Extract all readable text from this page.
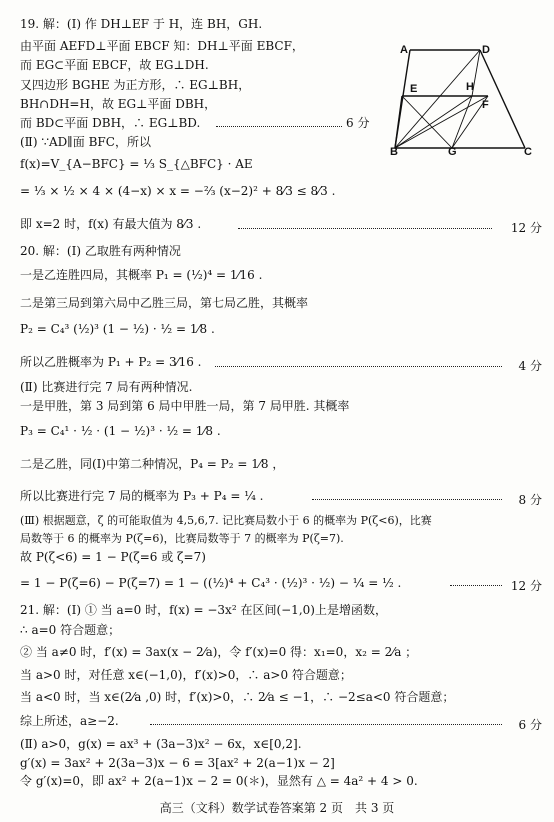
19. 解：(Ⅰ) 作 DH⊥EF 于 H，连 BH，GH.
由平面 AEFD⊥平面 EBCF 知：DH⊥平面 EBCF，
而 EG⊂平面 EBCF，故 EG⊥DH.
又四边形 BGHE 为正方形，∴ EG⊥BH，
BH∩DH=H，故 EG⊥平面 DBH，
而 BD⊂平面 DBH，∴ EG⊥BD.	6 分
(Ⅱ) ∵AD∥面 BFC，所以
f(x)=V_{A−BFC} = ⅓ S_{△BFC} · AE
= ⅓ × ½ × 4 × (4−x) × x = −⅔ (x−2)² + 8⁄3 ≤ 8⁄3 .
即 x=2 时，f(x) 有最大值为 8⁄3 .	12 分
A	D
E	H
F
B	G	C
20. 解：(Ⅰ) 乙取胜有两种情况
一是乙连胜四局，其概率 P₁ = (½)⁴ = 1⁄16 .
二是第三局到第六局中乙胜三局，第七局乙胜，其概率
P₂ = C₄³ (½)³ (1 − ½) · ½ = 1⁄8 .
所以乙胜概率为 P₁ + P₂ = 3⁄16 .	4 分
(Ⅱ) 比赛进行完 7 局有两种情况.
一是甲胜，第 3 局到第 6 局中甲胜一局，第 7 局甲胜. 其概率
P₃ = C₄¹ · ½ · (1 − ½)³ · ½ = 1⁄8 .
二是乙胜，同(Ⅰ)中第二种情况，P₄ = P₂ = 1⁄8 ，
所以比赛进行完 7 局的概率为 P₃ + P₄ = ¼ .	8 分
(Ⅲ) 根据题意，ζ 的可能取值为 4,5,6,7. 记比赛局数小于 6 的概率为 P(ζ<6)，比赛
局数等于 6 的概率为 P(ζ=6)，比赛局数等于 7 的概率为 P(ζ=7).
故 P(ζ<6) = 1 − P(ζ=6 或 ζ=7)
= 1 − P(ζ=6) − P(ζ=7) = 1 − ((½)⁴ + C₄³ · (½)³ · ½) − ¼ = ½ .	12 分
21. 解：(Ⅰ) ① 当 a=0 时，f(x) = −3x² 在区间(−1,0)上是增函数，
∴ a=0 符合题意；
② 当 a≠0 时，f′(x) = 3ax(x − 2⁄a)，令 f′(x)=0 得：x₁=0，x₂ = 2⁄a ；
当 a>0 时，对任意 x∈(−1,0)，f′(x)>0，∴ a>0 符合题意；
当 a<0 时，当 x∈(2⁄a ,0) 时，f′(x)>0，∴ 2⁄a ≤ −1，∴ −2≤a<0 符合题意；
综上所述，a≥−2.	6 分
(Ⅱ) a>0，g(x) = ax³ + (3a−3)x² − 6x，x∈[0,2].
g′(x) = 3ax² + 2(3a−3)x − 6 = 3[ax² + 2(a−1)x − 2]
令 g′(x)=0，即 ax² + 2(a−1)x − 2 = 0(＊)，显然有 △ = 4a² + 4 > 0.
高三（文科）数学试卷答案第 2 页　共 3 页
